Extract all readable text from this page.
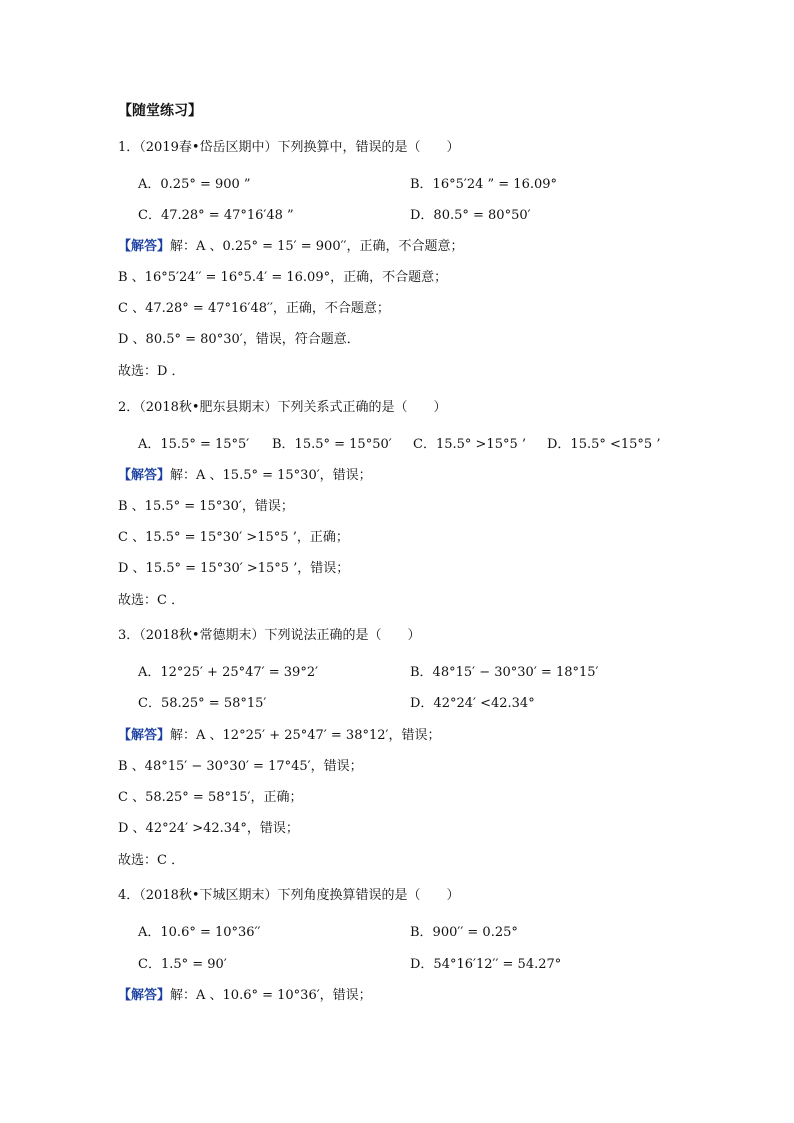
【随堂练习】
1．（2019春•岱岳区期中）下列换算中，错误的是（　　）
A．0.25° = 900 ”	B．16°5′24 ” = 16.09°
C．47.28° = 47°16′48 ”	D．80.5° = 80°50′
【解答】解：A 、0.25° = 15′ = 900′′，正确，不合题意；
B 、16°5′24′′ = 16°5.4′ = 16.09°，正确，不合题意；
C 、47.28° = 47°16′48′′，正确，不合题意；
D 、80.5° = 80°30′，错误，符合题意．
故选：D ．
2．（2018秋•肥东县期末）下列关系式正确的是（　　）
A．15.5° = 15°5′ B．15.5° = 15°50′ C．15.5° >15°5 ’ D．15.5° <15°5 ’
【解答】解：A 、15.5° = 15°30′，错误；
B 、15.5° = 15°30′，错误；
C 、15.5° = 15°30′ >15°5 ’，正确；
D 、15.5° = 15°30′ >15°5 ’，错误；
故选：C ．
3．（2018秋•常德期末）下列说法正确的是（　　）
A．12°25′ + 25°47′ = 39°2′	B．48°15′ − 30°30′ = 18°15′
C．58.25° = 58°15′	D．42°24′ <42.34°
【解答】解：A 、12°25′ + 25°47′ = 38°12′，错误；
B 、48°15′ − 30°30′ = 17°45′，错误；
C 、58.25° = 58°15′，正确；
D 、42°24′ >42.34°，错误；
故选：C ．
4．（2018秋•下城区期末）下列角度换算错误的是（　　）
A．10.6° = 10°36′′	B．900′′ = 0.25°
C．1.5° = 90′	D．54°16′12′′ = 54.27°
【解答】解：A 、10.6° = 10°36′，错误；
